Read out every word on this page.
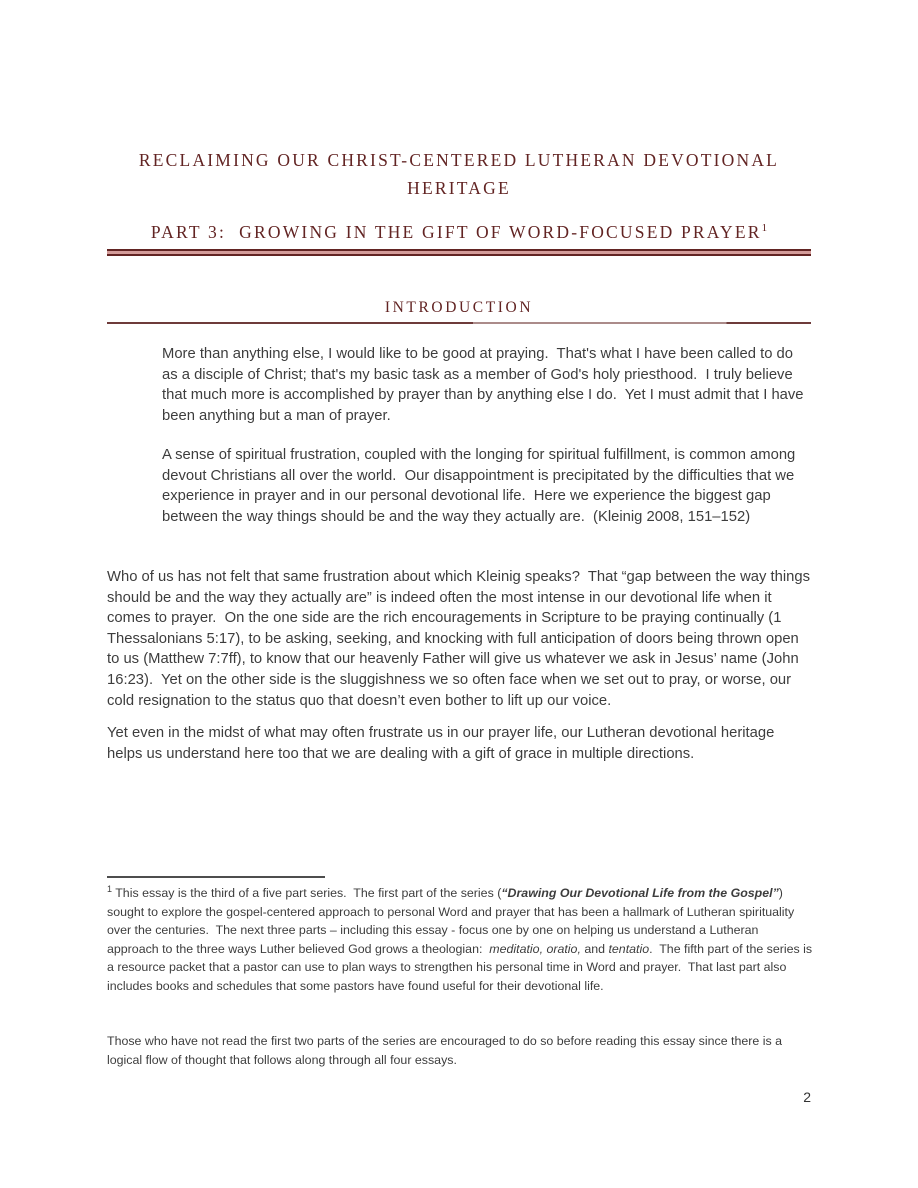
RECLAIMING OUR CHRIST-CENTERED LUTHERAN DEVOTIONAL HERITAGE
PART 3:  GROWING IN THE GIFT OF WORD-FOCUSED PRAYER$^1$
INTRODUCTION

More than anything else, I would like to be good at praying.  That's what I have been called to do as a disciple of Christ; that's my basic task as a member of God's holy priesthood.  I truly believe that much more is accomplished by prayer than by anything else I do.  Yet I must admit that I have been anything but a man of prayer.

A sense of spiritual frustration, coupled with the longing for spiritual fulfillment, is common among devout Christians all over the world.  Our disappointment is precipitated by the difficulties that we experience in prayer and in our personal devotional life.  Here we experience the biggest gap between the way things should be and the way they actually are.  (Kleinig 2008, 151–152)

Who of us has not felt that same frustration about which Kleinig speaks?  That “gap between the way things should be and the way they actually are” is indeed often the most intense in our devotional life when it comes to prayer.  On the one side are the rich encouragements in Scripture to be praying continually (1 Thessalonians 5:17), to be asking, seeking, and knocking with full anticipation of doors being thrown open to us (Matthew 7:7ff), to know that our heavenly Father will give us whatever we ask in Jesus’ name (John 16:23).  Yet on the other side is the sluggishness we so often face when we set out to pray, or worse, our cold resignation to the status quo that doesn’t even bother to lift up our voice.

Yet even in the midst of what may often frustrate us in our prayer life, our Lutheran devotional heritage helps us understand here too that we are dealing with a gift of grace in multiple directions.

$^1$ This essay is the third of a five part series.  The first part of the series (“Drawing Our Devotional Life from the Gospel”) sought to explore the gospel-centered approach to personal Word and prayer that has been a hallmark of Lutheran spirituality over the centuries.  The next three parts – including this essay - focus one by one on helping us understand a Lutheran approach to the three ways Luther believed God grows a theologian:  meditatio, oratio, and tentatio.  The fifth part of the series is a resource packet that a pastor can use to plan ways to strengthen his personal time in Word and prayer.  That last part also includes books and schedules that some pastors have found useful for their devotional life.

Those who have not read the first two parts of the series are encouraged to do so before reading this essay since there is a logical flow of thought that follows along through all four essays.

2
